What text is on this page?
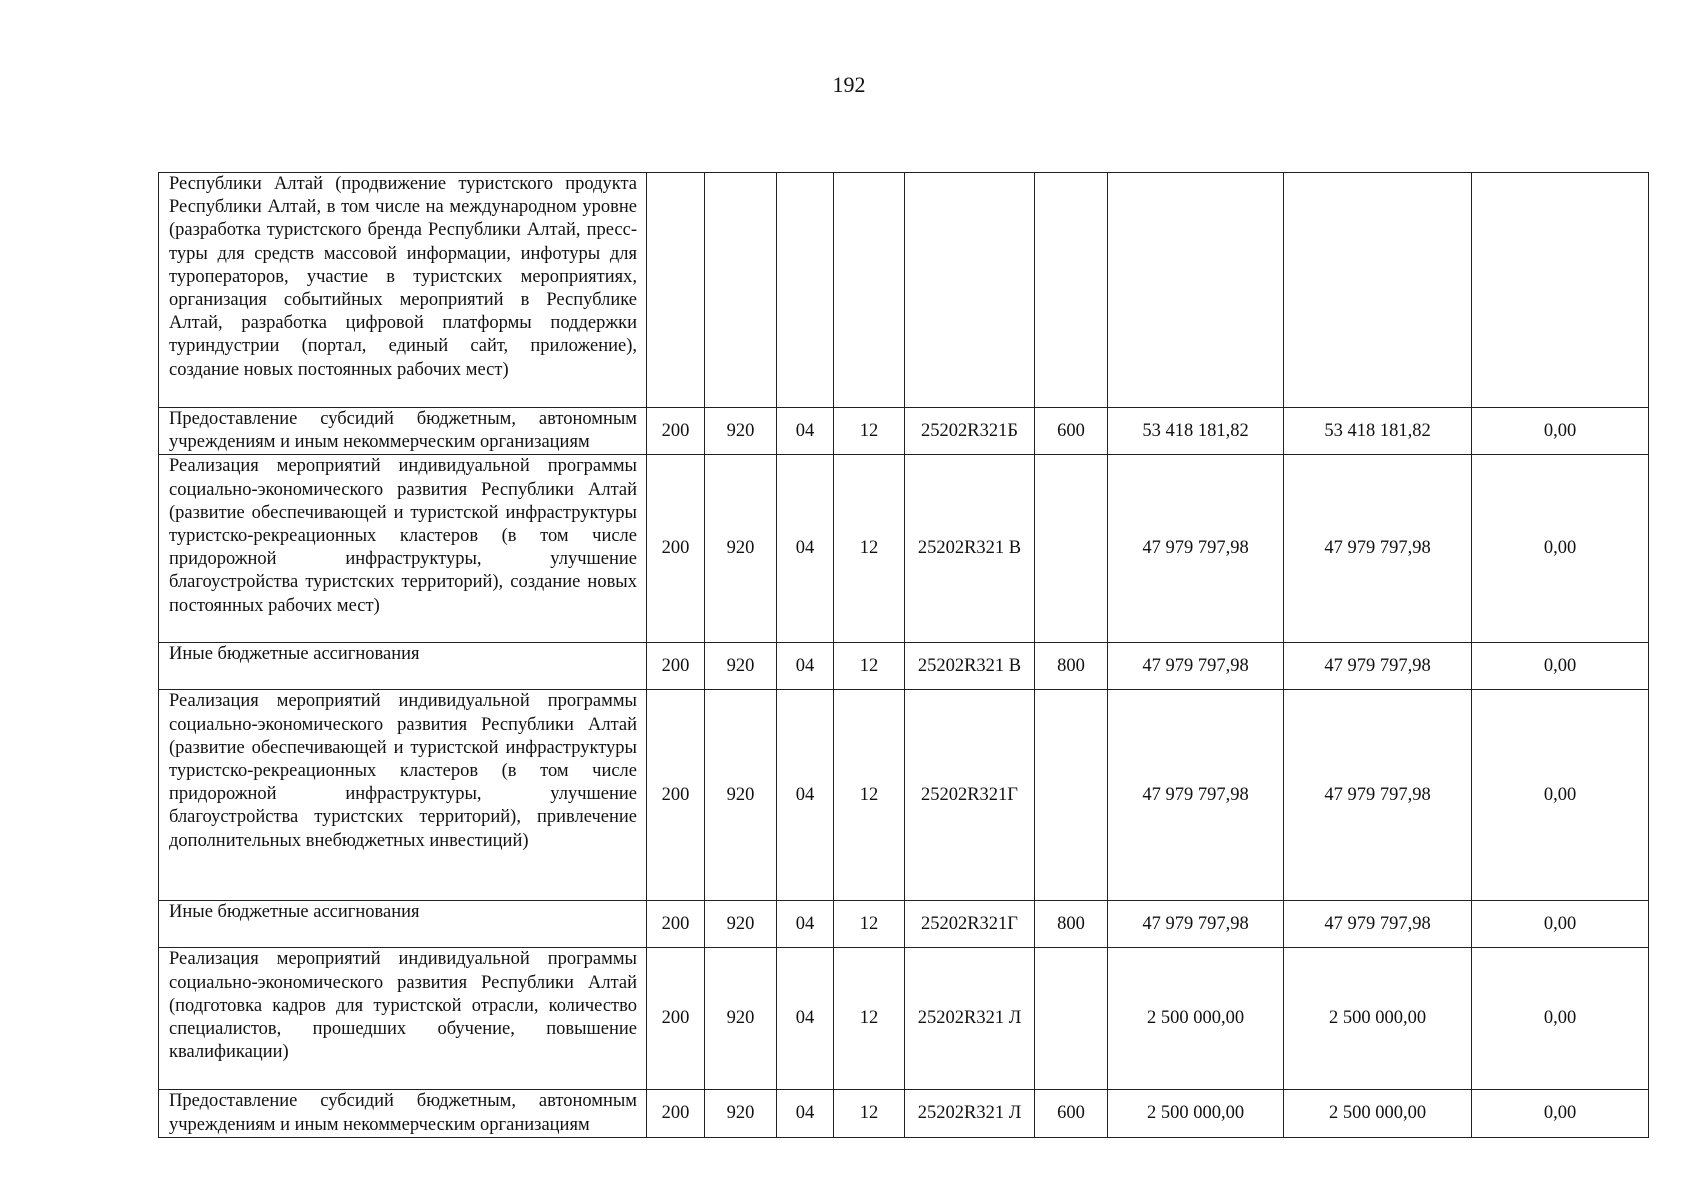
192
Республики Алтай (продвижение туристского продукта Республики Алтай, в том числе на международном уровне (разработка туристского бренда Республики Алтай, пресс-туры для средств массовой информации, инфотуры для туроператоров, участие в туристских мероприятиях, организация событийных мероприятий в Республике Алтай, разработка цифровой платформы поддержки туриндустрии (портал, единый сайт, приложение), создание новых постоянных рабочих мест)									
Предоставление субсидий бюджетным, автономным учреждениям и иным некоммерческим организациям	200	920	04	12	25202R321Б	600	53 418 181,82	53 418 181,82	0,00
Реализация мероприятий индивидуальной программы социально-экономического развития Республики Алтай (развитие обеспечивающей и туристской инфраструктуры туристско-рекреационных кластеров (в том числе придорожной инфраструктуры, улучшение благоустройства туристских территорий), создание новых постоянных рабочих мест)	200	920	04	12	25202R321 В		47 979 797,98	47 979 797,98	0,00
Иные бюджетные ассигнования	200	920	04	12	25202R321 В	800	47 979 797,98	47 979 797,98	0,00
Реализация мероприятий индивидуальной программы социально-экономического развития Республики Алтай (развитие обеспечивающей и туристской инфраструктуры туристско-рекреационных кластеров (в том числе придорожной инфраструктуры, улучшение благоустройства туристских территорий), привлечение дополнительных внебюджетных инвестиций)	200	920	04	12	25202R321Г		47 979 797,98	47 979 797,98	0,00
Иные бюджетные ассигнования	200	920	04	12	25202R321Г	800	47 979 797,98	47 979 797,98	0,00
Реализация мероприятий индивидуальной программы социально-экономического развития Республики Алтай (подготовка кадров для туристской отрасли, количество специалистов, прошедших обучение, повышение квалификации)	200	920	04	12	25202R321 Л		2 500 000,00	2 500 000,00	0,00
Предоставление субсидий бюджетным, автономным учреждениям и иным некоммерческим организациям	200	920	04	12	25202R321 Л	600	2 500 000,00	2 500 000,00	0,00
